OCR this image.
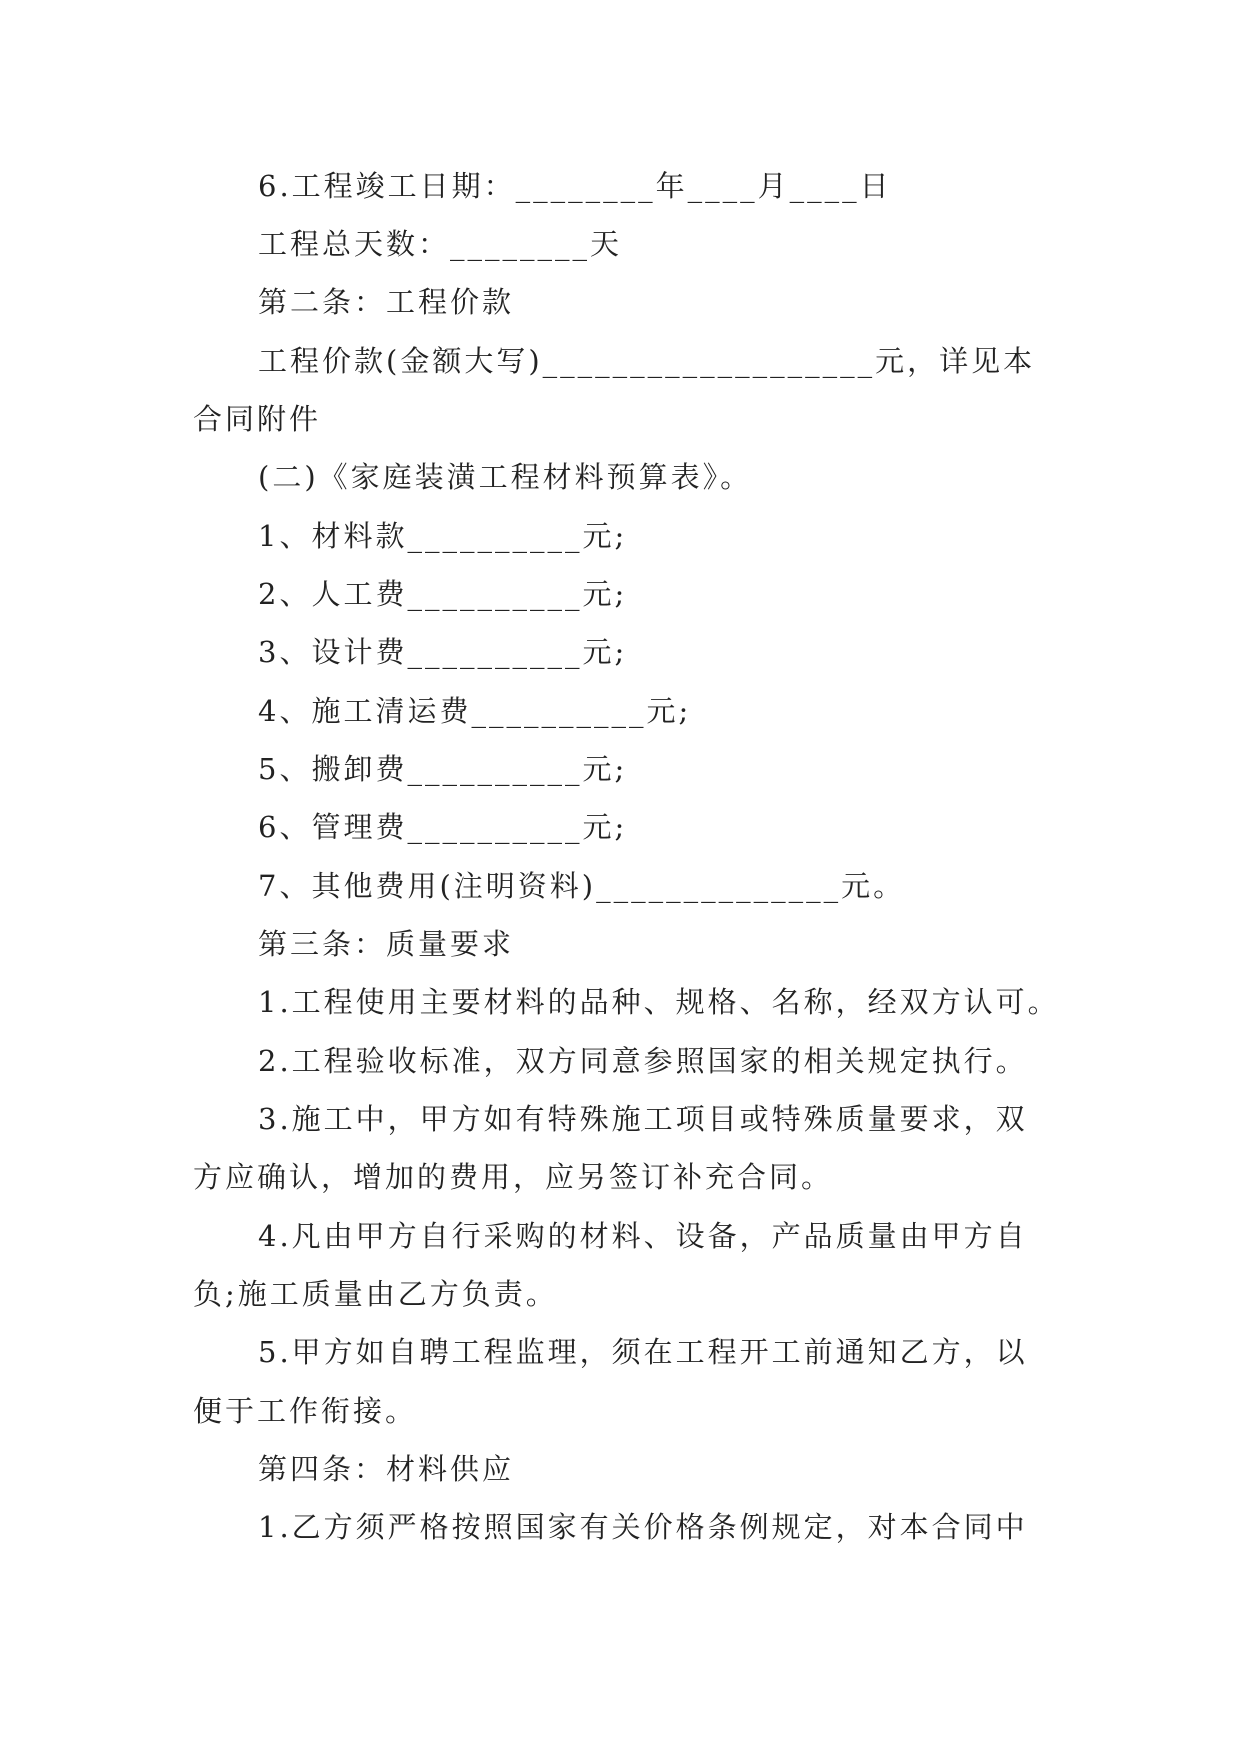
6.工程竣工日期：________年____月____日
工程总天数：________天
第二条：工程价款
工程价款(金额大写)___________________元，详见本
合同附件
(二)《家庭装潢工程材料预算表》。
1、材料款__________元;
2、人工费__________元;
3、设计费__________元;
4、施工清运费__________元;
5、搬卸费__________元;
6、管理费__________元;
7、其他费用(注明资料)______________元。
第三条：质量要求
1.工程使用主要材料的品种、规格、名称，经双方认可。
2.工程验收标准，双方同意参照国家的相关规定执行。
3.施工中，甲方如有特殊施工项目或特殊质量要求，双
方应确认，增加的费用，应另签订补充合同。
4.凡由甲方自行采购的材料、设备，产品质量由甲方自
负;施工质量由乙方负责。
5.甲方如自聘工程监理，须在工程开工前通知乙方，以
便于工作衔接。
第四条：材料供应
1.乙方须严格按照国家有关价格条例规定，对本合同中
